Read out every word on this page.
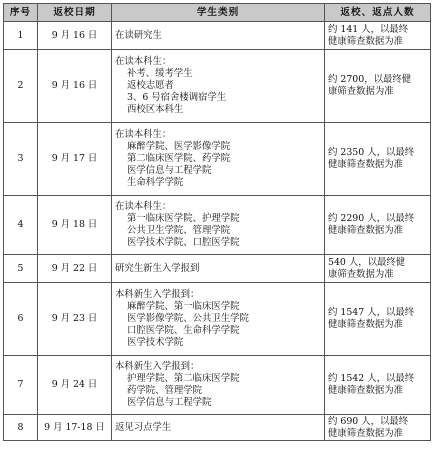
序号	返校日期	学生类别	返校、返点人数
1	9 月 16 日	在读研究生	约 141 人，以最终
健康筛查数据为准

2	9 月 16 日	在读本科生：
补考、缓考学生
返校志愿者
3、6 号宿舍楼调宿学生
西校区本科生	约 2700，以最终健
康筛查数据为准

3	9 月 17 日	在读本科生：
麻醉学院、医学影像学院
第二临床医学院、药学院
医学信息与工程学院
生命科学学院	约 2350 人，以最终
健康筛查数据为准

4	9 月 18 日	在读本科生：
第一临床医学院、护理学院
公共卫生学院、管理学院
医学技术学院、口腔医学院	约 2290 人，以最终
健康筛查数据为准

5	9 月 22 日	研究生新生入学报到	540 人，以最终健
康筛查数据为准

6	9 月 23 日	本科新生入学报到：
麻醉学院、第一临床医学院
医学影像学院、公共卫生学院
口腔医学院、生命科学学院
医学技术学院	约 1547 人，以最终
健康筛查数据为准

7	9 月 24 日	本科新生入学报到：
护理学院、第二临床医学院
药学院、管理学院
医学信息与工程学院	约 1542 人，以最终
健康筛查数据为准

8	9 月 17-18 日	返见习点学生	约 690 人，以最终
健康筛查数据为准
